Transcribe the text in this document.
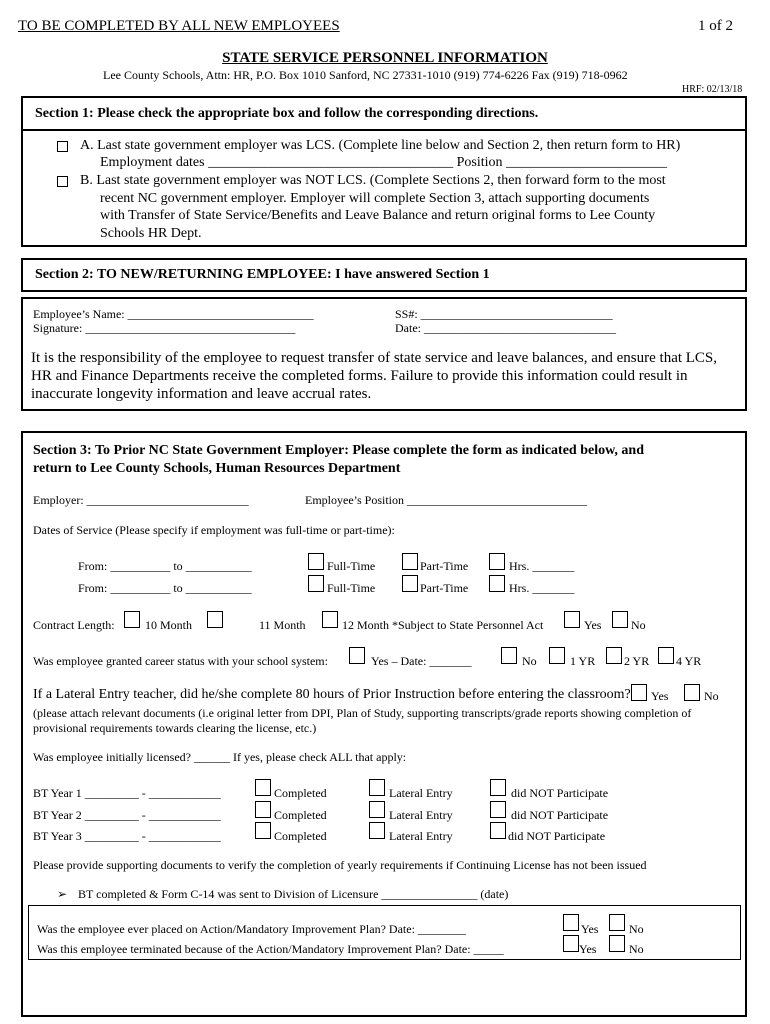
TO BE COMPLETED BY ALL NEW EMPLOYEES	1 of 2
STATE SERVICE PERSONNEL INFORMATION
Lee County Schools, Attn: HR, P.O. Box 1010 Sanford, NC 27331-1010 (919) 774-6226 Fax (919) 718-0962
HRF: 02/13/18
Section 1: Please check the appropriate box and follow the corresponding directions.
A. Last state government employer was LCS. (Complete line below and Section 2, then return form to HR)
Employment dates ___________________________________ Position _______________________
B. Last state government employer was NOT LCS. (Complete Sections 2, then forward form to the most
recent NC government employer. Employer will complete Section 3, attach supporting documents
with Transfer of State Service/Benefits and Leave Balance and return original forms to Lee County
Schools HR Dept.
Section 2: TO NEW/RETURNING EMPLOYEE: I have answered Section 1
Employee’s Name: _______________________________	SS#: ________________________________
Signature: ___________________________________	Date: ________________________________
It is the responsibility of the employee to request transfer of state service and leave balances, and ensure that LCS,
HR and Finance Departments receive the completed forms. Failure to provide this information could result in
inaccurate longevity information and leave accrual rates.
Section 3: To Prior NC State Government Employer: Please complete the form as indicated below, and
return to Lee County Schools, Human Resources Department
Employer: ___________________________	Employee’s Position ______________________________
Dates of Service (Please specify if employment was full-time or part-time):
From: __________ to ___________	Full-Time	Part-Time	Hrs. _______
From: __________ to ___________	Full-Time	Part-Time	Hrs. _______
Contract Length:	10 Month	11 Month	12 Month *Subject to State Personnel Act	Yes No
Was employee granted career status with your school system:	Yes – Date: _______	No	1 YR 2 YR 4 YR
If a Lateral Entry teacher, did he/she complete 80 hours of Prior Instruction before entering the classroom? Yes	No
(please attach relevant documents (i.e original letter from DPI, Plan of Study, supporting transcripts/grade reports showing completion of
provisional requirements towards clearing the license, etc.)
Was employee initially licensed? ______ If yes, please check ALL that apply:
BT Year 1 _________ - ____________	Completed	Lateral Entry	did NOT Participate
BT Year 2 _________ - ____________	Completed	Lateral Entry	did NOT Participate
BT Year 3 _________ - ____________	Completed	Lateral Entry	did NOT Participate
Please provide supporting documents to verify the completion of yearly requirements if Continuing License has not been issued
➢ BT completed & Form C-14 was sent to Division of Licensure ________________ (date)
Was the employee ever placed on Action/Mandatory Improvement Plan? Date: ________	Yes	No
Was this employee terminated because of the Action/Mandatory Improvement Plan? Date: _____	Yes	No
